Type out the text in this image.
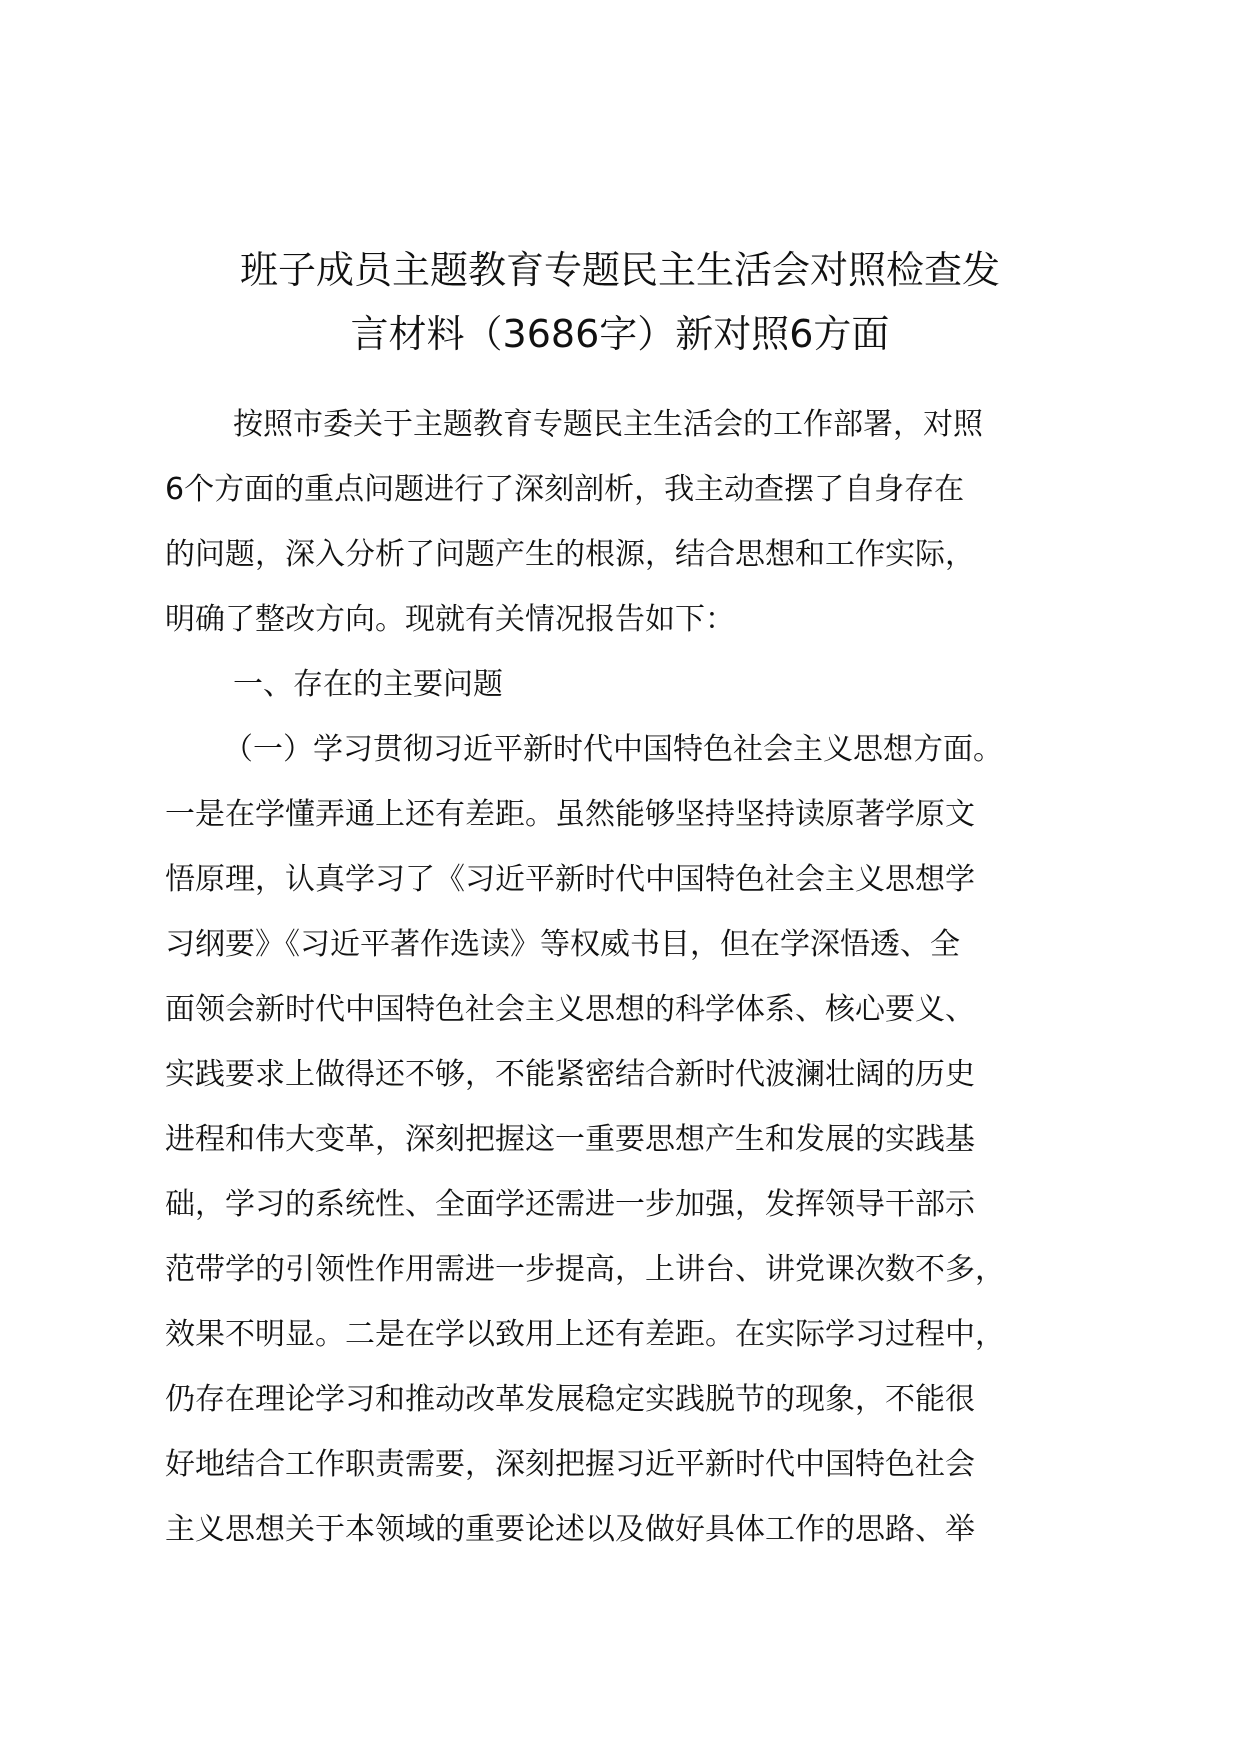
班子成员主题教育专题民主生活会对照检查发
言材料（3686字）新对照6方面
按照市委关于主题教育专题民主生活会的工作部署，对照
6个方面的重点问题进行了深刻剖析，我主动查摆了自身存在
的问题，深入分析了问题产生的根源，结合思想和工作实际，
明确了整改方向。现就有关情况报告如下：
一、存在的主要问题
（一）学习贯彻习近平新时代中国特色社会主义思想方面。
一是在学懂弄通上还有差距。虽然能够坚持坚持读原著学原文
悟原理，认真学习了《习近平新时代中国特色社会主义思想学
习纲要》《习近平著作选读》等权威书目，但在学深悟透、全
面领会新时代中国特色社会主义思想的科学体系、核心要义、
实践要求上做得还不够，不能紧密结合新时代波澜壮阔的历史
进程和伟大变革，深刻把握这一重要思想产生和发展的实践基
础，学习的系统性、全面学还需进一步加强，发挥领导干部示
范带学的引领性作用需进一步提高，上讲台、讲党课次数不多，
效果不明显。二是在学以致用上还有差距。在实际学习过程中，
仍存在理论学习和推动改革发展稳定实践脱节的现象，不能很
好地结合工作职责需要，深刻把握习近平新时代中国特色社会
主义思想关于本领域的重要论述以及做好具体工作的思路、举
